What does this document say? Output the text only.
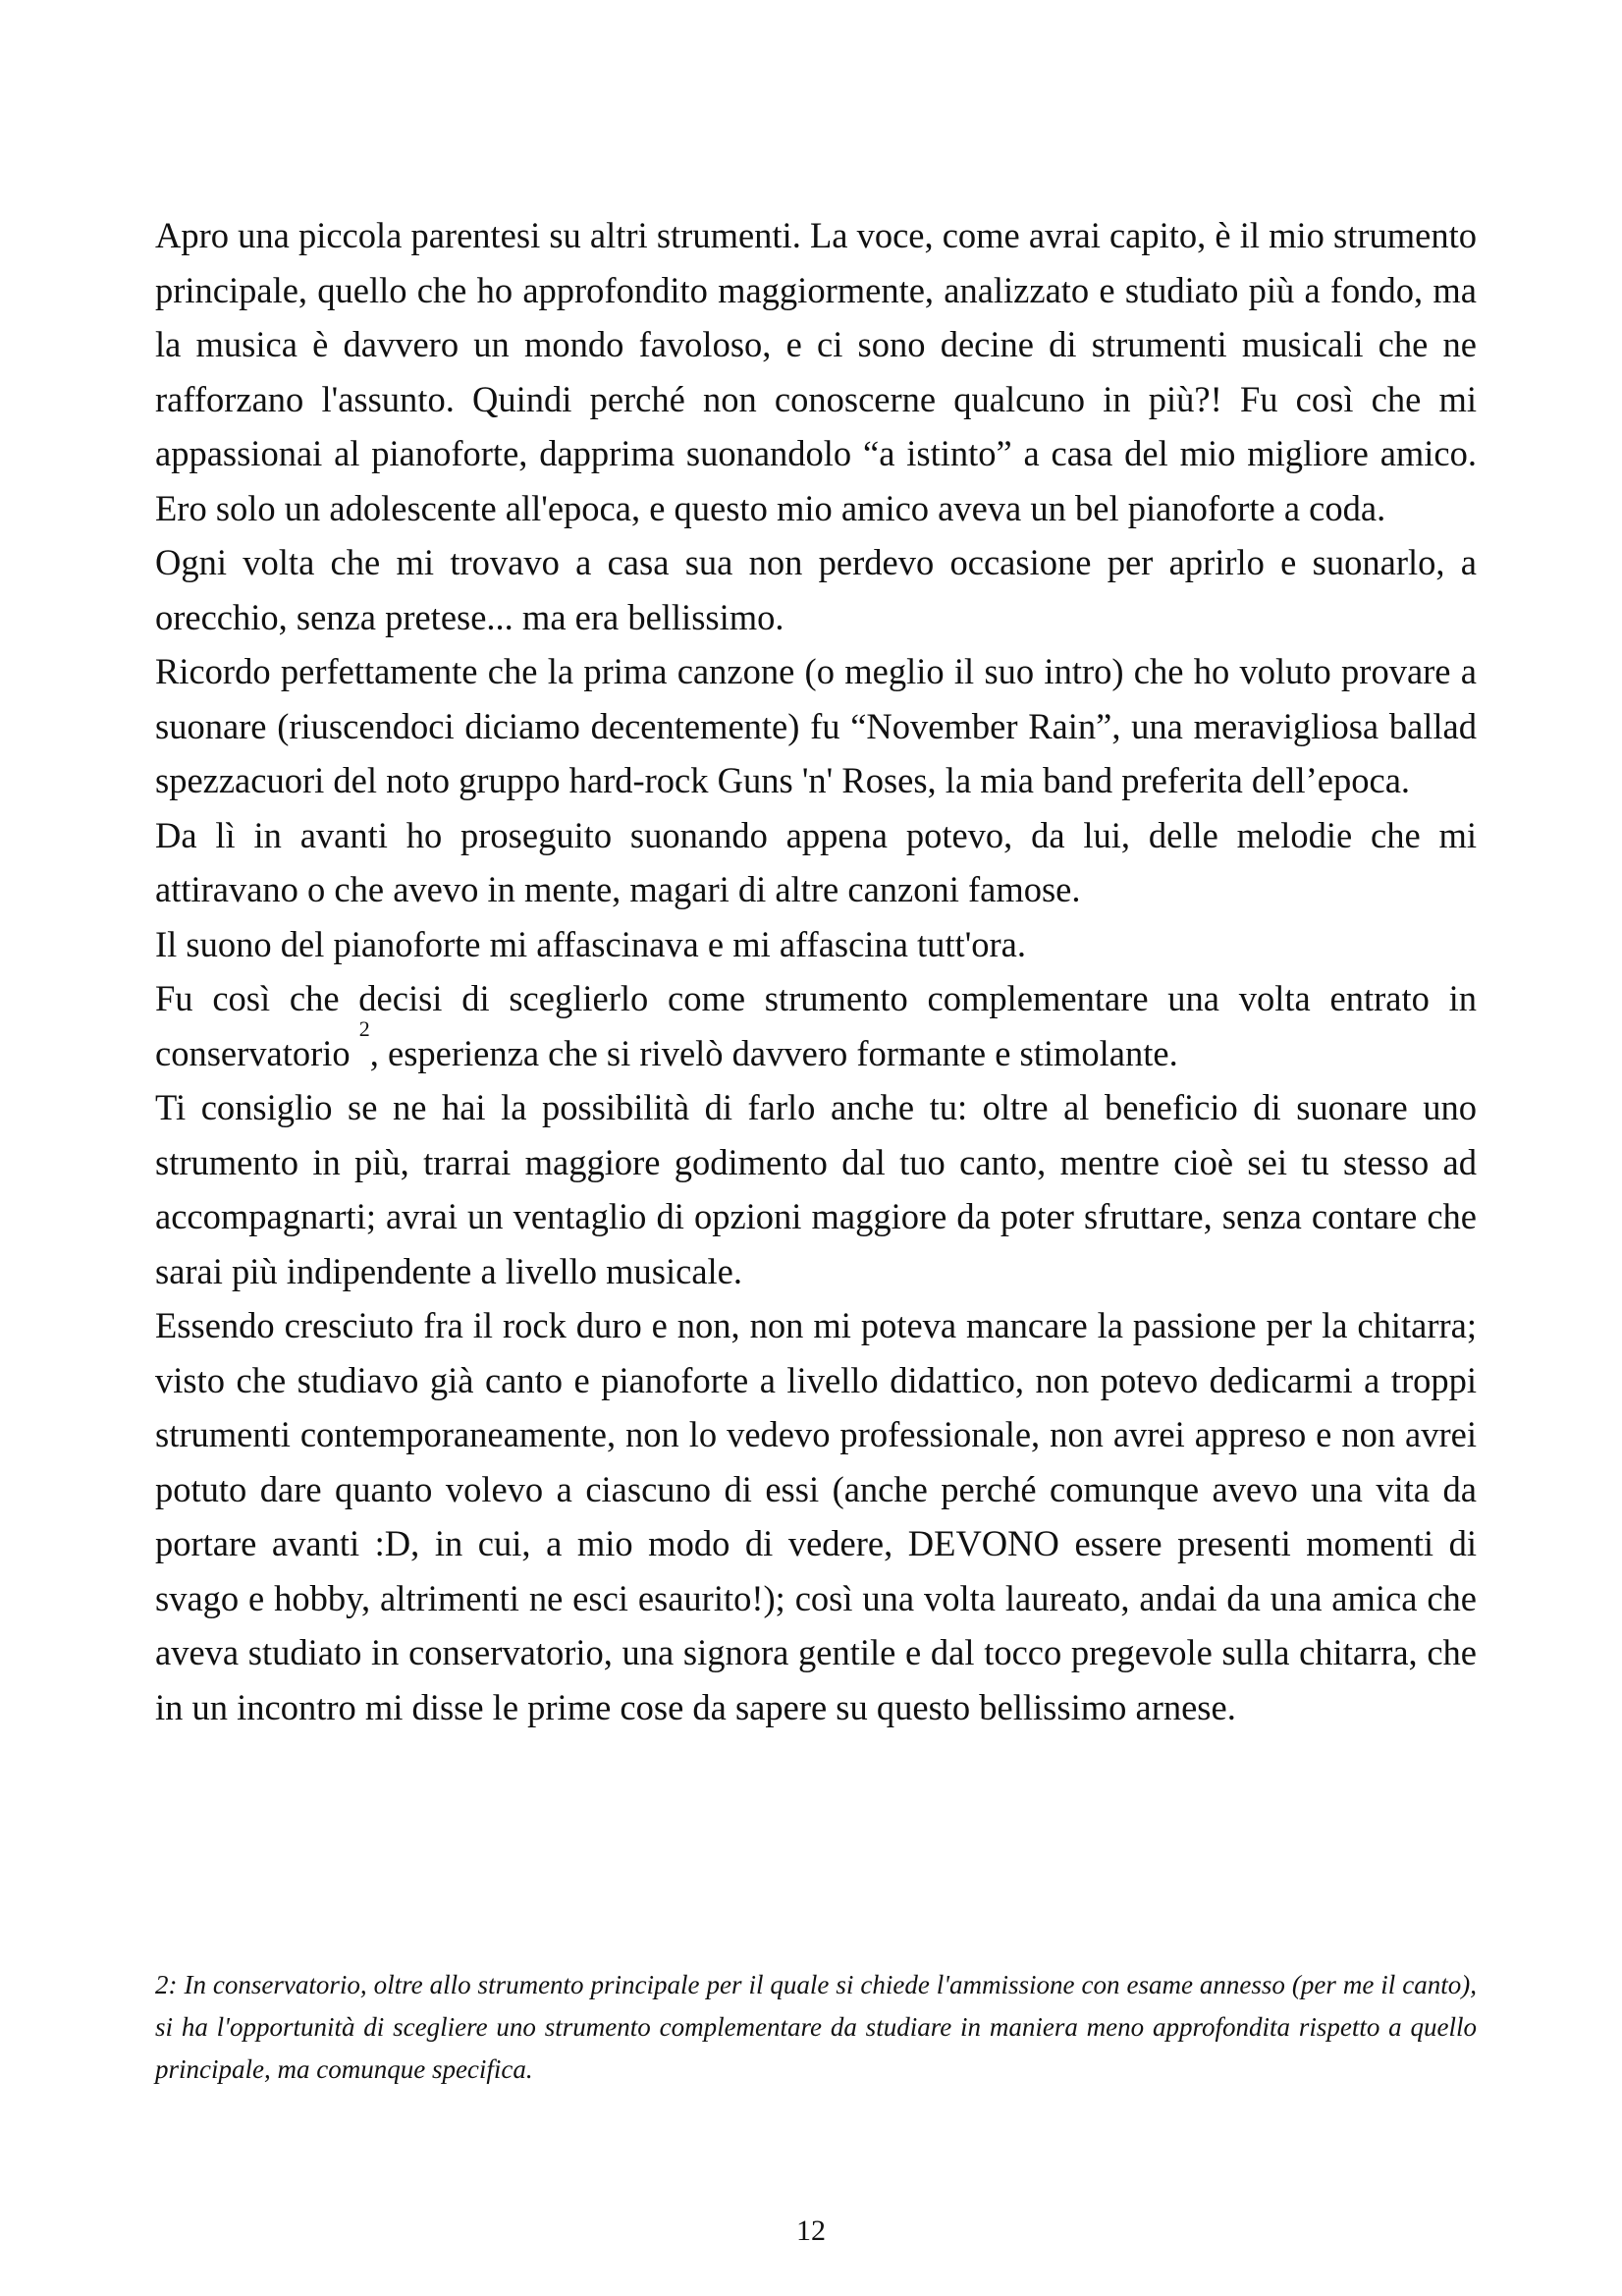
Apro una piccola parentesi su altri strumenti. La voce, come avrai capito, è il mio strumento principale, quello che ho approfondito maggiormente, analizzato e studiato più a fondo, ma la musica è davvero un mondo favoloso, e ci sono decine di strumenti musicali che ne rafforzano l'assunto. Quindi perché non conoscerne qualcuno in più?! Fu così che mi appassionai al pianoforte, dapprima suonandolo “a istinto” a casa del mio migliore amico. Ero solo un adolescente all'epoca, e questo mio amico aveva un bel pianoforte a coda.

Ogni volta che mi trovavo a casa sua non perdevo occasione per aprirlo e suonarlo, a orecchio, senza pretese... ma era bellissimo.

Ricordo perfettamente che la prima canzone (o meglio il suo intro) che ho voluto provare a suonare (riuscendoci diciamo decentemente) fu “November Rain”, una meravigliosa ballad spezzacuori del noto gruppo hard-rock Guns 'n' Roses, la mia band preferita dell’epoca.

Da lì in avanti ho proseguito suonando appena potevo, da lui, delle melodie che mi attiravano o che avevo in mente, magari di altre canzoni famose.

Il suono del pianoforte mi affascinava e mi affascina tutt'ora.

Fu così che decisi di sceglierlo come strumento complementare una volta entrato in conservatorio $^2$, esperienza che si rivelò davvero formante e stimolante.

Ti consiglio se ne hai la possibilità di farlo anche tu: oltre al beneficio di suonare uno strumento in più, trarrai maggiore godimento dal tuo canto, mentre cioè sei tu stesso ad accompagnarti; avrai un ventaglio di opzioni maggiore da poter sfruttare, senza contare che sarai più indipendente a livello musicale.

Essendo cresciuto fra il rock duro e non, non mi poteva mancare la passione per la chitarra; visto che studiavo già canto e pianoforte a livello didattico, non potevo dedicarmi a troppi strumenti contemporaneamente, non lo vedevo professionale, non avrei appreso e non avrei potuto dare quanto volevo a ciascuno di essi (anche perché comunque avevo una vita da portare avanti :D, in cui, a mio modo di vedere, DEVONO essere presenti momenti di svago e hobby, altrimenti ne esci esaurito!); così una volta laureato, andai da una amica che aveva studiato in conservatorio, una signora gentile e dal tocco pregevole sulla chitarra, che in un incontro mi disse le prime cose da sapere su questo bellissimo arnese.

2: In conservatorio, oltre allo strumento principale per il quale si chiede l'ammissione con esame annesso (per me il canto), si ha l'opportunità di scegliere uno strumento complementare da studiare in maniera meno approfondita rispetto a quello principale, ma comunque specifica.

12
